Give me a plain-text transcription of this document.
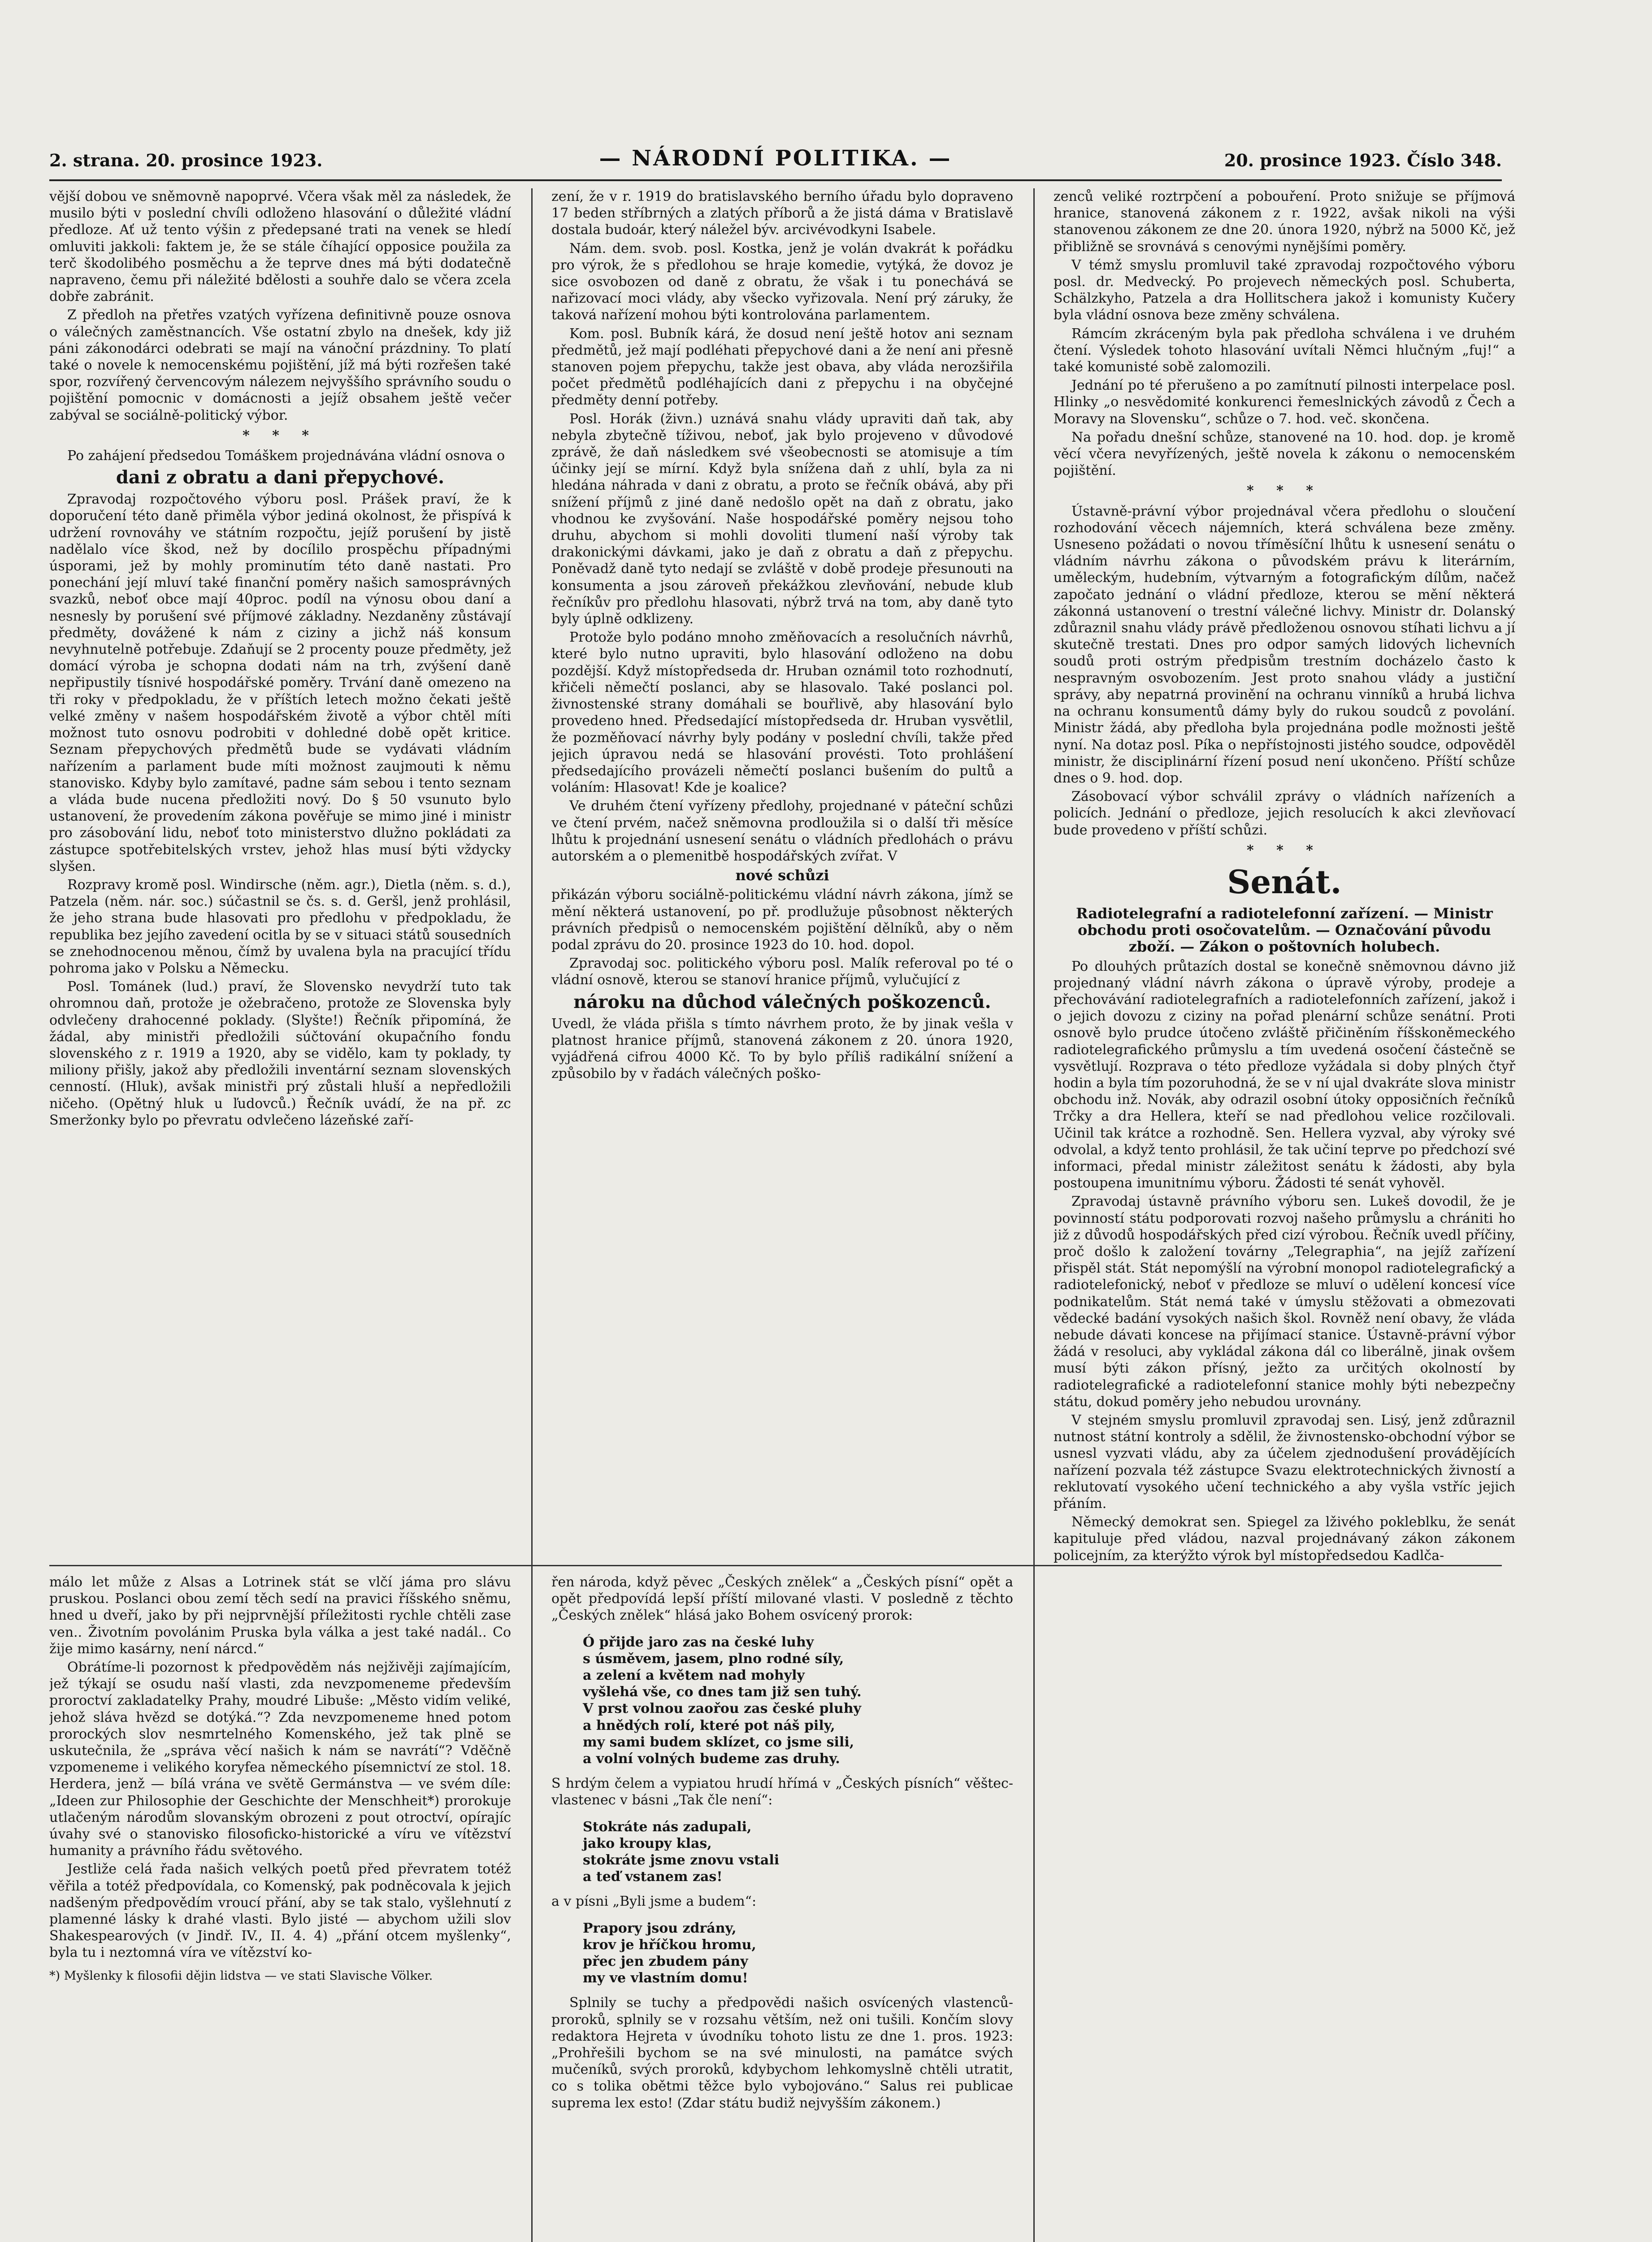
2. strana. 20. prosince 1923.	— NÁRODNÍ POLITIKA. —	20. prosince 1923. Číslo 348.

vější dobou ve sněmovně napoprvé. Včera však měl za následek, že musilo býti v poslední chvíli odloženo hlasování o důležité vládní předloze. Ať už tento výšin z předepsané trati na venek se hledí omluviti jakkoli: faktem je, že se stále číhající opposice použila za terč škodolibého posměchu a že teprve dnes má býti dodatečně napraveno, čemu při náležité bdělosti a souhře dalo se včera zcela dobře zabránit.

Z předloh na přetřes vzatých vyřízena definitivně pouze osnova o válečných zaměstnancích. Vše ostatní zbylo na dnešek, kdy již páni zákonodárci odebrati se mají na vánoční prázdniny. To platí také o novele k nemocenskému pojištění, jíž má býti rozřešen také spor, rozvířený červencovým nálezem nejvyššího správního soudu o pojištění pomocnic v domácnosti a jejíž obsahem ještě večer zabýval se sociálně-politický výbor.

* * *

Po zahájení předsedou Tomáškem projednávána vládní osnova o

dani z obratu a dani přepychové.

Zpravodaj rozpočtového výboru posl. Prášek praví, že k doporučení této daně přiměla výbor jediná okolnost, že přispívá k udržení rovnováhy ve státním rozpočtu, jejíž porušení by jistě nadělalo více škod, než by docílilo prospěchu případnými úsporami, jež by mohly prominutím této daně nastati. Pro ponechání její mluví také finanční poměry našich samosprávných svazků, neboť obce mají 40proc. podíl na výnosu obou daní a nesnesly by porušení své příjmové základny. Nezdaněny zůstávají předměty, dovážené k nám z ciziny a jichž náš konsum nevyhnutelně potřebuje. Zdaňují se 2 procenty pouze předměty, jež domácí výroba je schopna dodati nám na trh, zvýšení daně nepřipustily tísnivé hospodářské poměry. Trvání daně omezeno na tři roky v předpokladu, že v příštích letech možno čekati ještě velké změny v našem hospodářském životě a výbor chtěl míti možnost tuto osnovu podrobiti v dohledné době opět kritice. Seznam přepychových předmětů bude se vydávati vládním nařízením a parlament bude míti možnost zaujmouti k němu stanovisko. Kdyby bylo zamítavé, padne sám sebou i tento seznam a vláda bude nucena předložiti nový. Do § 50 vsunuto bylo ustanovení, že provedením zákona pověřuje se mimo jiné i ministr pro zásobování lidu, neboť toto ministerstvo dlužno pokládati za zástupce spotřebitelských vrstev, jehož hlas musí býti vždycky slyšen.

Rozpravy kromě posl. Windirsche (něm. agr.), Dietla (něm. s. d.), Patzela (něm. nár. soc.) súčastnil se čs. s. d. Geršl, jenž prohlásil, že jeho strana bude hlasovati pro předlohu v předpokladu, že republika bez jejího zavedení ocitla by se v situaci států sousedních se znehodnocenou měnou, čímž by uvalena byla na pracující třídu pohroma jako v Polsku a Německu.

Posl. Tománek (lud.) praví, že Slovensko nevydrží tuto tak ohromnou daň, protože je ožebračeno, protože ze Slovenska byly odvlečeny drahocenné poklady. (Slyšte!) Řečník připomíná, že žádal, aby ministři předložili súčtování okupačního fondu slovenského z r. 1919 a 1920, aby se vidělo, kam ty poklady, ty miliony přišly, jakož aby předložili inventární seznam slovenských cenností. (Hluk), avšak ministři prý zůstali hluší a nepředložili ničeho. (Opětný hluk u ľudovců.) Řečník uvádí, že na př. zc Smeržonky bylo po převratu odvlečeno lázeňské zaří-

zení, že v r. 1919 do bratislavského berního úřadu bylo dopraveno 17 beden stříbrných a zlatých příborů a že jistá dáma v Bratislavě dostala budoár, který náležel býv. arcivévodkyni Isabele.

Nám. dem. svob. posl. Kostka, jenž je volán dvakrát k pořádku pro výrok, že s předlohou se hraje komedie, vytýká, že dovoz je sice osvobozen od daně z obratu, že však i tu ponechává se nařizovací moci vlády, aby všecko vyřizovala. Není prý záruky, že taková nařízení mohou býti kontrolována parlamentem.

Kom. posl. Bubník kárá, že dosud není ještě hotov ani seznam předmětů, jež mají podléhati přepychové dani a že není ani přesně stanoven pojem přepychu, takže jest obava, aby vláda nerozšiřila počet předmětů podléhajících dani z přepychu i na obyčejné předměty denní potřeby.

Posl. Horák (živn.) uznává snahu vlády upraviti daň tak, aby nebyla zbytečně tíživou, neboť, jak bylo projeveno v důvodové zprávě, že daň následkem své všeobecnosti se atomisuje a tím účinky její se mírní. Když byla snížena daň z uhlí, byla za ni hledána náhrada v dani z obratu, a proto se řečník obává, aby při snížení příjmů z jiné daně nedošlo opět na daň z obratu, jako vhodnou ke zvyšování. Naše hospodářské poměry nejsou toho druhu, abychom si mohli dovoliti tlumení naší výroby tak drakonickými dávkami, jako je daň z obratu a daň z přepychu. Poněvadž daně tyto nedají se zvláště v době prodeje přesunouti na konsumenta a jsou zároveň překážkou zlevňování, nebude klub řečníkův pro předlohu hlasovati, nýbrž trvá na tom, aby daně tyto byly úplně odklizeny.

Protože bylo podáno mnoho změňovacích a resolučních návrhů, které bylo nutno upraviti, bylo hlasování odloženo na dobu pozdější. Když místopředseda dr. Hruban oznámil toto rozhodnutí, křičeli němečtí poslanci, aby se hlasovalo. Také poslanci pol. živnostenské strany domáhali se bouřlivě, aby hlasování bylo provedeno hned. Předsedající místopředseda dr. Hruban vysvětlil, že pozměňovací návrhy byly podány v poslední chvíli, takže před jejich úpravou nedá se hlasování provésti. Toto prohlášení předsedajícího provázeli němečtí poslanci bušením do pultů a voláním: Hlasovat! Kde je koalice?

Ve druhém čtení vyřízeny předlohy, projednané v páteční schůzi ve čtení prvém, načež sněmovna prodloužila si o další tři měsíce lhůtu k projednání usnesení senátu o vládních předlohách o právu autorském a o plemenitbě hospodářských zvířat. V

nové schůzi

přikázán výboru sociálně-politickému vládní návrh zákona, jímž se mění některá ustanovení, po př. prodlužuje působnost některých právních předpisů o nemocenském pojištění dělníků, aby o něm podal zprávu do 20. prosince 1923 do 10. hod. dopol.

Zpravodaj soc. politického výboru posl. Malík referoval po té o vládní osnově, kterou se stanoví hranice příjmů, vylučující z

nároku na důchod válečných poškozenců.

Uvedl, že vláda přišla s tímto návrhem proto, že by jinak vešla v platnost hranice příjmů, stanovená zákonem z 20. února 1920, vyjádřená cifrou 4000 Kč. To by bylo příliš radikální snížení a způsobilo by v řadách válečných poško-

zenců veliké roztrpčení a pobouření. Proto snižuje se příjmová hranice, stanovená zákonem z r. 1922, avšak nikoli na výši stanovenou zákonem ze dne 20. února 1920, nýbrž na 5000 Kč, jež přibližně se srovnává s cenovými nynějšími poměry.

V témž smyslu promluvil také zpravodaj rozpočtového výboru posl. dr. Medvecký. Po projevech německých posl. Schuberta, Schälzkyho, Patzela a dra Hollitschera jakož i komunisty Kučery byla vládní osnova beze změny schválena.

Rámcím zkráceným byla pak předloha schválena i ve druhém čtení. Výsledek tohoto hlasování uvítali Němci hlučným „fuj!“ a také komunisté sobě zalomozili.

Jednání po té přerušeno a po zamítnutí pilnosti interpelace posl. Hlinky „o nesvědomité konkurenci řemeslnických závodů z Čech a Moravy na Slovensku“, schůze o 7. hod. več. skončena.

Na pořadu dnešní schůze, stanovené na 10. hod. dop. je kromě věcí včera nevyřízených, ještě novela k zákonu o nemocenském pojištění.

* * *

Ústavně-právní výbor projednával včera předlohu o sloučení rozhodování věcech nájemních, která schválena beze změny. Usneseno požádati o novou tříměsíční lhůtu k usnesení senátu o vládním návrhu zákona o původském právu k literárním, uměleckým, hudebním, výtvarným a fotografickým dílům, načež započato jednání o vládní předloze, kterou se mění některá zákonná ustanovení o trestní válečné lichvy. Ministr dr. Dolanský zdůraznil snahu vlády právě předloženou osnovou stíhati lichvu a jí skutečně trestati. Dnes pro odpor samých lidových lichevních soudů proti ostrým předpisům trestním docházelo často k nespravným osvobozením. Jest proto snahou vlády a justiční správy, aby nepatrná provinění na ochranu vinníků a hrubá lichva na ochranu konsumentů dámy byly do rukou soudců z povolání. Ministr žádá, aby předloha byla projednána podle možnosti ještě nyní. Na dotaz posl. Píka o nepřístojnosti jistého soudce, odpověděl ministr, že disciplinární řízení posud není ukončeno. Příští schůze dnes o 9. hod. dop.

Zásobovací výbor schválil zprávy o vládních nařízeních a policích. Jednání o předloze, jejich resolucích k akci zlevňovací bude provedeno v příští schůzi.

* * *
Senát.
Radiotelegrafní a radiotelefonní zařízení. — Ministr obchodu proti osočovatelům. — Označování původu zboží. — Zákon o poštovních holubech.

Po dlouhých průtazích dostal se konečně sněmovnou dávno již projednaný vládní návrh zákona o úpravě výroby, prodeje a přechovávání radiotelegrafních a radiotelefonních zařízení, jakož i o jejich dovozu z ciziny na pořad plenární schůze senátní. Proti osnově bylo prudce útočeno zvláště přičiněním říšskoněmeckého radiotelegrafického průmyslu a tím uvedená osočení částečně se vysvětlují. Rozprava o této předloze vyžádala si doby plných čtyř hodin a byla tím pozoruhodná, že se v ní ujal dvakráte slova ministr obchodu inž. Novák, aby odrazil osobní útoky opposičních řečníků Trčky a dra Hellera, kteří se nad předlohou velice rozčilovali. Učinil tak krátce a rozhodně. Sen. Hellera vyzval, aby výroky své odvolal, a když tento prohlásil, že tak učiní teprve po předchozí své informaci, předal ministr záležitost senátu k žádosti, aby byla postoupena imunitnímu výboru. Žádosti té senát vyhověl.

Zpravodaj ústavně právního výboru sen. Lukeš dovodil, že je povinností státu podporovati rozvoj našeho průmyslu a chrániti ho již z důvodů hospodářských před cizí výrobou. Řečník uvedl příčiny, proč došlo k založení továrny „Telegraphia“, na jejíž zařízení přispěl stát. Stát nepomýšlí na výrobní monopol radiotelegrafický a radiotelefonický, neboť v předloze se mluví o udělení koncesí více podnikatelům. Stát nemá také v úmyslu stěžovati a obmezovati vědecké badání vysokých našich škol. Rovněž není obavy, že vláda nebude dávati koncese na přijímací stanice. Ústavně-právní výbor žádá v resoluci, aby vykládal zákona dál co liberálně, jinak ovšem musí býti zákon přísný, ježto za určitých okolností by radiotelegrafické a radiotelefonní stanice mohly býti nebezpečny státu, dokud poměry jeho nebudou urovnány.

V stejném smyslu promluvil zpravodaj sen. Lisý, jenž zdůraznil nutnost státní kontroly a sdělil, že živnostensko-obchodní výbor se usnesl vyzvati vládu, aby za účelem zjednodušení provádějících nařízení pozvala též zástupce Svazu elektrotechnických živností a reklutovatí vysokého učení technického a aby vyšla vstříc jejich přáním.

Německý demokrat sen. Spiegel za lživého pokleblku, že senát kapituluje před vládou, nazval projednávaný zákon zákonem policejním, za kterýžto výrok byl místopředsedou Kadlča-

málo let může z Alsas a Lotrinek stát se vlčí jáma pro slávu pruskou. Poslanci obou zemí těch sedí na pravici říšského sněmu, hned u dveří, jako by při nejprvnější příležitosti rychle chtěli zase ven.. Životním povolánim Pruska byla válka a jest také nadál.. Co žije mimo kasárny, není nárcd.“

Obrátíme-li pozornost k předpověděm nás nejživěji zajímajícím, jež týkají se osudu naší vlasti, zda nevzpomeneme především proroctví zakladatelky Prahy, moudré Libuše: „Město vidím veliké, jehož sláva hvězd se dotýká.“? Zda nevzpomeneme hned potom prorockých slov nesmrtelného Komenského, jež tak plně se uskutečnila, že „správa věcí našich k nám se navrátí“? Vděčně vzpomeneme i velikého koryfea německého písemnictví ze stol. 18. Herdera, jenž — bílá vrána ve světě Germánstva — ve svém díle: „Ideen zur Philosophie der Geschichte der Menschheit*) prorokuje utlačeným národům slovanským obrozeni z pout otroctví, opírajíc úvahy své o stanovisko filosoficko-historické a víru ve vítězství humanity a právního řádu světového.

Jestliže celá řada našich velkých poetů před převratem totéž věřila a totéž předpovídala, co Komenský, pak podněcovala k jejich nadšeným předpovědím vroucí přání, aby se tak stalo, vyšlehnutí z plamenné lásky k drahé vlasti. Bylo jisté — abychom užili slov Shakespearových (v Jindř. IV., II. 4. 4) „přání otcem myšlenky“, byla tu i neztomná víra ve vítězství ko-

*) Myšlenky k filosofii dějin lidstva — ve stati Slavische Völker.

řen národa, když pěvec „Českých znělek“ a „Českých písní“ opět a opět předpovídá lepší příští milované vlasti. V posledně z těchto „Českých znělek“ hlásá jako Bohem osvícený prorok:

Ó přijde jaro zas na české luhy

s úsměvem, jasem, plno rodné síly,

a zelení a květem nad mohyly

vyšlehá vše, co dnes tam již sen tuhý.

V prst volnou zaořou zas české pluhy

a hnědých rolí, které pot náš pily,

my sami budem sklízet, co jsme sili,

a volní volných budeme zas druhy.

S hrdým čelem a vypiatou hrudí hřímá v „Českých písních“ věštec-vlastenec v básni „Tak čle není“:

Stokráte nás zadupali,

jako kroupy klas,

stokráte jsme znovu vstali

a teď vstanem zas!

a v písni „Byli jsme a budem“:

Prapory jsou zdrány,

krov je hříčkou hromu,

přec jen zbudem pány

my ve vlastním domu!

Splnily se tuchy a předpovědi našich osvícených vlastenců-proroků, splnily se v rozsahu větším, než oni tušili. Končím slovy redaktora Hejreta v úvodníku tohoto listu ze dne 1. pros. 1923: „Prohřešili bychom se na své minulosti, na památce svých mučeníků, svých proroků, kdybychom lehkomyslně chtěli utratit, co s tolika obětmi těžce bylo vybojováno.“ Salus rei publicae suprema lex esto! (Zdar státu budiž nejvyšším zákonem.)
